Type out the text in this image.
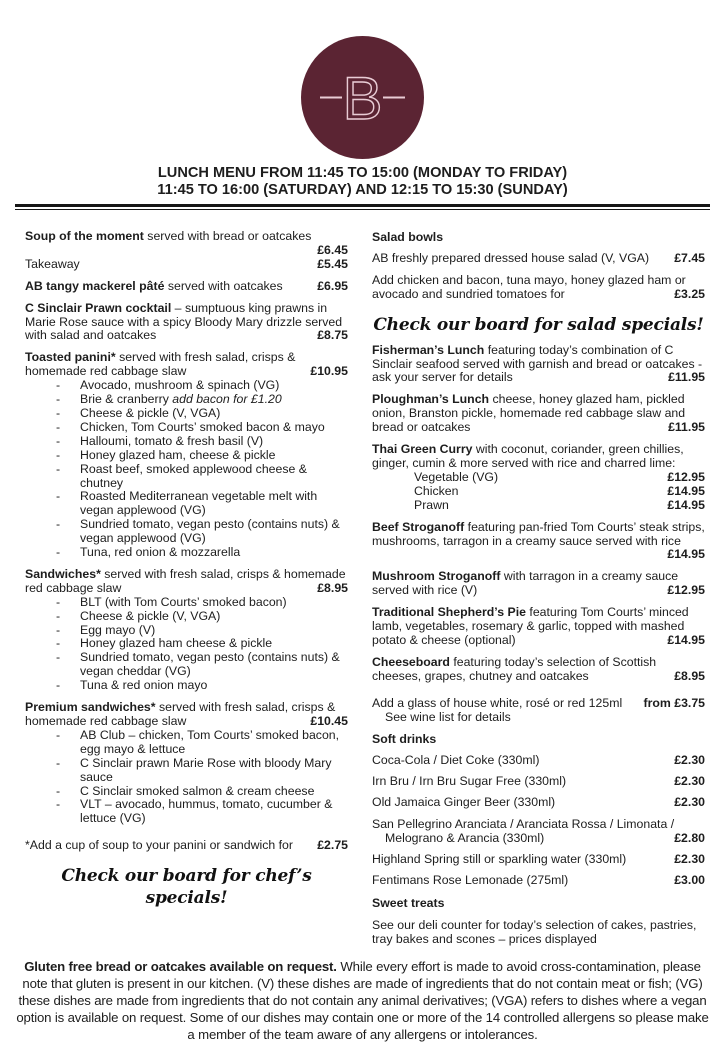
B
LUNCH MENU FROM 11:45 TO 15:00 (MONDAY TO FRIDAY)
11:45 TO 16:00 (SATURDAY) AND 12:15 TO 15:30 (SUNDAY)
Soup of the moment served with bread or oatcakes
£6.45
Takeaway	£5.45
AB tangy mackerel pâté served with oatcakes	£6.95
C Sinclair Prawn cocktail – sumptuous king prawns in Marie Rose sauce with a spicy Bloody Mary drizzle served with salad and oatcakes	£8.75
Toasted panini* served with fresh salad, crisps & homemade red cabbage slaw	£10.95
- Avocado, mushroom & spinach (VG)
- Brie & cranberry add bacon for £1.20
- Cheese & pickle (V, VGA)
- Chicken, Tom Courts’ smoked bacon & mayo
- Halloumi, tomato & fresh basil (V)
- Honey glazed ham, cheese & pickle
- Roast beef, smoked applewood cheese & chutney
- Roasted Mediterranean vegetable melt with vegan applewood (VG)
- Sundried tomato, vegan pesto (contains nuts) & vegan applewood (VG)
- Tuna, red onion & mozzarella
Sandwiches* served with fresh salad, crisps & homemade red cabbage slaw	£8.95
- BLT (with Tom Courts’ smoked bacon)
- Cheese & pickle (V, VGA)
- Egg mayo (V)
- Honey glazed ham cheese & pickle
- Sundried tomato, vegan pesto (contains nuts) & vegan cheddar (VG)
- Tuna & red onion mayo
Premium sandwiches* served with fresh salad, crisps & homemade red cabbage slaw	£10.45
- AB Club – chicken, Tom Courts’ smoked bacon, egg mayo & lettuce
- C Sinclair prawn Marie Rose with bloody Mary sauce
- C Sinclair smoked salmon & cream cheese
- VLT – avocado, hummus, tomato, cucumber & lettuce (VG)
*Add a cup of soup to your panini or sandwich for £2.75
Check our board for chef’s specials!
Salad bowls
AB freshly prepared dressed house salad (V, VGA) £7.45
Add chicken and bacon, tuna mayo, honey glazed ham or avocado and sundried tomatoes for	£3.25
Check our board for salad specials!
Fisherman’s Lunch featuring today’s combination of C Sinclair seafood served with garnish and bread or oatcakes - ask your server for details	£11.95
Ploughman’s Lunch cheese, honey glazed ham, pickled onion, Branston pickle, homemade red cabbage slaw and bread or oatcakes	£11.95
Thai Green Curry with coconut, coriander, green chillies, ginger, cumin & more served with rice and charred lime:
Vegetable (VG)	£12.95
Chicken	£14.95
Prawn	£14.95
Beef Stroganoff featuring pan-fried Tom Courts’ steak strips, mushrooms, tarragon in a creamy sauce served with rice
£14.95
Mushroom Stroganoff with tarragon in a creamy sauce served with rice (V)	£12.95
Traditional Shepherd’s Pie featuring Tom Courts’ minced lamb, vegetables, rosemary & garlic, topped with mashed potato & cheese (optional)	£14.95
Cheeseboard featuring today’s selection of Scottish cheeses, grapes, chutney and oatcakes	£8.95
Add a glass of house white, rosé or red 125ml from £3.75
See wine list for details
Soft drinks
Coca-Cola / Diet Coke (330ml)	£2.30
Irn Bru / Irn Bru Sugar Free (330ml)	£2.30
Old Jamaica Ginger Beer (330ml)	£2.30
San Pellegrino Aranciata / Aranciata Rossa / Limonata / Melograno & Arancia (330ml)	£2.80
Highland Spring still or sparkling water (330ml)	£2.30
Fentimans Rose Lemonade (275ml)	£3.00
Sweet treats
See our deli counter for today’s selection of cakes, pastries, tray bakes and scones – prices displayed
Gluten free bread or oatcakes available on request. While every effort is made to avoid cross-contamination, please note that gluten is present in our kitchen. (V) these dishes are made of ingredients that do not contain meat or fish; (VG) these dishes are made from ingredients that do not contain any animal derivatives; (VGA) refers to dishes where a vegan option is available on request. Some of our dishes may contain one or more of the 14 controlled allergens so please make a member of the team aware of any allergens or intolerances.
